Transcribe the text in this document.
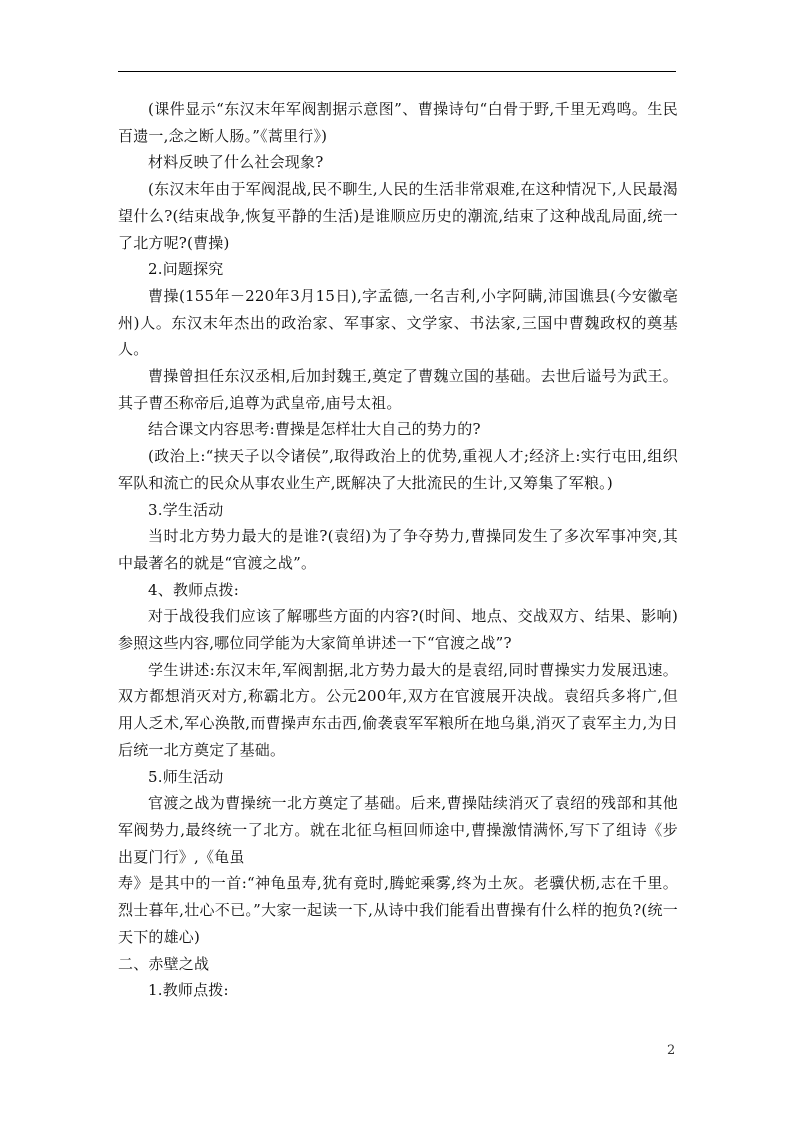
(课件显示“东汉末年军阀割据示意图”、曹操诗句“白骨于野,千里无鸡鸣。生民百遗一,念之断人肠。”《蒿里行》)

材料反映了什么社会现象?

(东汉末年由于军阀混战,民不聊生,人民的生活非常艰难,在这种情况下,人民最渴望什么?(结束战争,恢复平静的生活)是谁顺应历史的潮流,结束了这种战乱局面,统一了北方呢?(曹操)

2.问题探究

曹操(155年－220年3月15日),字孟德,一名吉利,小字阿瞒,沛国谯县(今安徽亳州)人。东汉末年杰出的政治家、军事家、文学家、书法家,三国中曹魏政权的奠基人。

曹操曾担任东汉丞相,后加封魏王,奠定了曹魏立国的基础。去世后谥号为武王。其子曹丕称帝后,追尊为武皇帝,庙号太祖。

结合课文内容思考:曹操是怎样壮大自己的势力的?

(政治上:“挟天子以令诸侯”,取得政治上的优势,重视人才;经济上:实行屯田,组织军队和流亡的民众从事农业生产,既解决了大批流民的生计,又筹集了军粮。)

3.学生活动

当时北方势力最大的是谁?(袁绍)为了争夺势力,曹操同发生了多次军事冲突,其中最著名的就是“官渡之战”。

4、教师点拨:

对于战役我们应该了解哪些方面的内容?(时间、地点、交战双方、结果、影响)参照这些内容,哪位同学能为大家简单讲述一下“官渡之战”?

学生讲述:东汉末年,军阀割据,北方势力最大的是袁绍,同时曹操实力发展迅速。双方都想消灭对方,称霸北方。公元200年,双方在官渡展开决战。袁绍兵多将广,但用人乏术,军心涣散,而曹操声东击西,偷袭袁军军粮所在地乌巢,消灭了袁军主力,为日后统一北方奠定了基础。

5.师生活动

官渡之战为曹操统一北方奠定了基础。后来,曹操陆续消灭了袁绍的残部和其他军阀势力,最终统一了北方。就在北征乌桓回师途中,曹操激情满怀,写下了组诗《步出夏门行》,《龟虽

寿》是其中的一首:“神龟虽寿,犹有竟时,腾蛇乘雾,终为土灰。老骥伏枥,志在千里。烈士暮年,壮心不已。”大家一起读一下,从诗中我们能看出曹操有什么样的抱负?(统一天下的雄心)

二、赤壁之战

1.教师点拨:

2
